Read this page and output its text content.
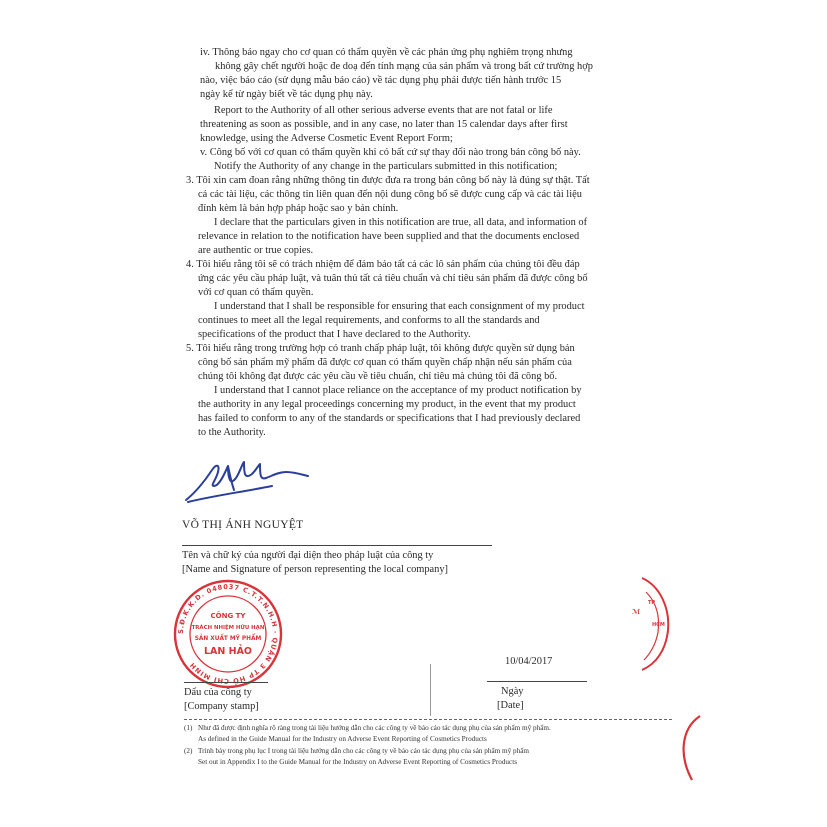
iv. Thông báo ngay cho cơ quan có thẩm quyền về các phản ứng phụ nghiêm trọng nhưng
không gây chết người hoặc đe doạ đến tính mạng của sản phẩm và trong bất cứ trường hợp
nào, việc báo cáo (sử dụng mẫu báo cáo) về tác dụng phụ phải được tiến hành trước 15
ngày kể từ ngày biết về tác dụng phụ này.
Report to the Authority of all other serious adverse events that are not fatal or life
threatening as soon as possible, and in any case, no later than 15 calendar days after first
knowledge, using the Adverse Cosmetic Event Report Form;
v. Công bố với cơ quan có thẩm quyền khi có bất cứ sự thay đổi nào trong bản công bố này.
Notify the Authority of any change in the particulars submitted in this notification;
3. Tôi xin cam đoan rằng những thông tin được đưa ra trong bản công bố này là đúng sự thật. Tất
cả các tài liệu, các thông tin liên quan đến nội dung công bố sẽ được cung cấp và các tài liệu
đính kèm là bản hợp pháp hoặc sao y bản chính.
I declare that the particulars given in this notification are true, all data, and information of
relevance in relation to the notification have been supplied and that the documents enclosed
are authentic or true copies.
4. Tôi hiểu rằng tôi sẽ có trách nhiệm để đảm bảo tất cả các lô sản phẩm của chúng tôi đều đáp
ứng các yêu cầu pháp luật, và tuân thủ tất cả tiêu chuẩn và chỉ tiêu sản phẩm đã được công bố
với cơ quan có thẩm quyền.
I understand that I shall be responsible for ensuring that each consignment of my product
continues to meet all the legal requirements, and conforms to all the standards and
specifications of the product that I have declared to the Authority.
5. Tôi hiểu rằng trong trường hợp có tranh chấp pháp luật, tôi không được quyền sử dụng bản
công bố sản phẩm mỹ phẩm đã được cơ quan có thẩm quyền chấp nhận nếu sản phẩm của
chúng tôi không đạt được các yêu cầu về tiêu chuẩn, chỉ tiêu mà chúng tôi đã công bố.
I understand that I cannot place reliance on the acceptance of my product notification by
the authority in any legal proceedings concerning my product, in the event that my product
has failed to conform to any of the standards or specifications that I had previously declared
to the Authority.
VÕ THỊ ÁNH NGUYỆT
Tên và chữ ký của người đại diện theo pháp luật của công ty
[Name and Signature of person representing the local company]
S.Đ.K.K.D. 048037 C.T.T.N.H.H · QUẬN 3 TP HỒ CHÍ MINH
CÔNG TY
TRÁCH NHIỆM HỮU HẠN
SẢN XUẤT MỸ PHẨM
LAN HẢO
ℳ
TP
HCM
10/04/2017
Ngày
[Date]
Dấu của công ty
[Company stamp]
(1) Như đã được định nghĩa rõ ràng trong tài liệu hướng dẫn cho các công ty về báo cáo tác dụng phụ của sản phẩm mỹ phẩm.
As defined in the Guide Manual for the Industry on Adverse Event Reporting of Cosmetics Products
(2) Trình bày trong phụ lục I trong tài liệu hướng dẫn cho các công ty về báo cáo tác dụng phụ của sản phẩm mỹ phẩm
Set out in Appendix I to the Guide Manual for the Industry on Adverse Event Reporting of Cosmetics Products
